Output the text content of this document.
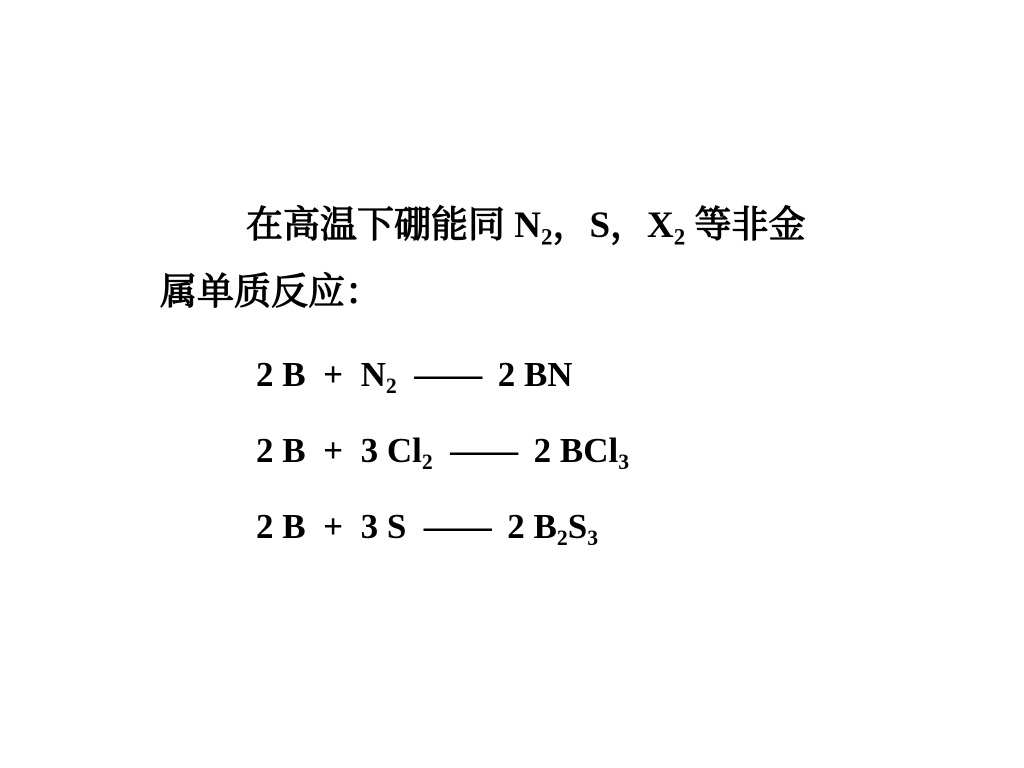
在高温下硼能同 $N_2$，S，$X_2$ 等非金
属单质反应：
2 $B + N_2$ —— 2 BN
2 B + 3 $Cl_2$ —— 2 BCl$_3$
2 B + 3 S —— 2 $B_2S_3$
